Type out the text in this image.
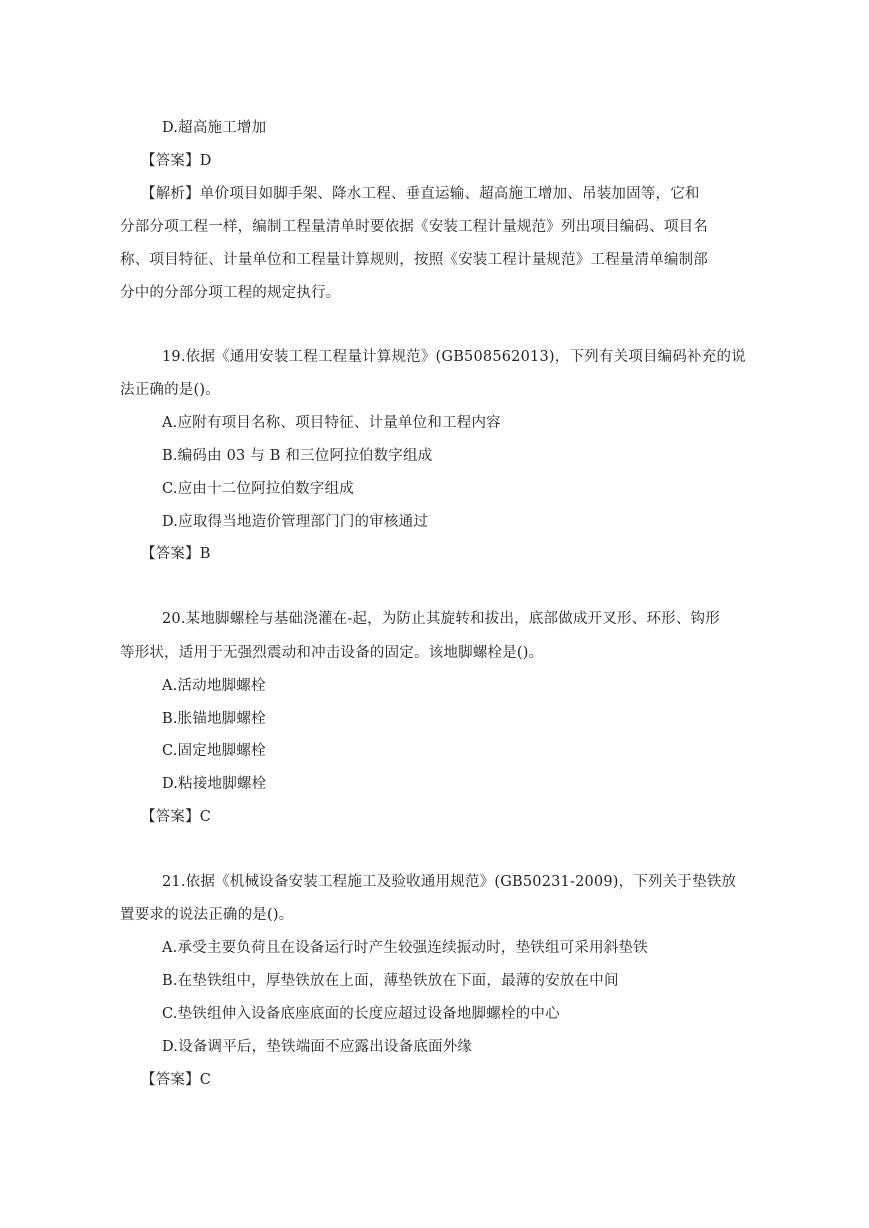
D.超高施工增加
【答案】D
【解析】单价项目如脚手架、降水工程、垂直运输、超高施工增加、吊装加固等，它和
分部分项工程一样，编制工程量清单时要依据《安装工程计量规范》列出项目编码、项目名
称、项目特征、计量单位和工程量计算规则，按照《安装工程计量规范》工程量清单编制部
分中的分部分项工程的规定执行。
19.依据《通用安装工程工程量计算规范》(GB508562013)，下列有关项目编码补充的说
法正确的是()。
A.应附有项目名称、项目特征、计量单位和工程内容
B.编码由 03 与 B 和三位阿拉伯数字组成
C.应由十二位阿拉伯数字组成
D.应取得当地造价管理部门门的审核通过
【答案】B
20.某地脚螺栓与基础浇灌在-起，为防止其旋转和拔出，底部做成开叉形、环形、钩形
等形状，适用于无强烈震动和冲击设备的固定。该地脚螺栓是()。
A.活动地脚螺栓
B.胀锚地脚螺栓
C.固定地脚螺栓
D.粘接地脚螺栓
【答案】C
21.依据《机械设备安装工程施工及验收通用规范》(GB50231-2009)，下列关于垫铁放
置要求的说法正确的是()。
A.承受主要负荷且在设备运行时产生较强连续振动时，垫铁组可采用斜垫铁
B.在垫铁组中，厚垫铁放在上面，薄垫铁放在下面，最薄的安放在中间
C.垫铁组伸入设备底座底面的长度应超过设备地脚螺栓的中心
D.设备调平后，垫铁端面不应露出设备底面外缘
【答案】C
